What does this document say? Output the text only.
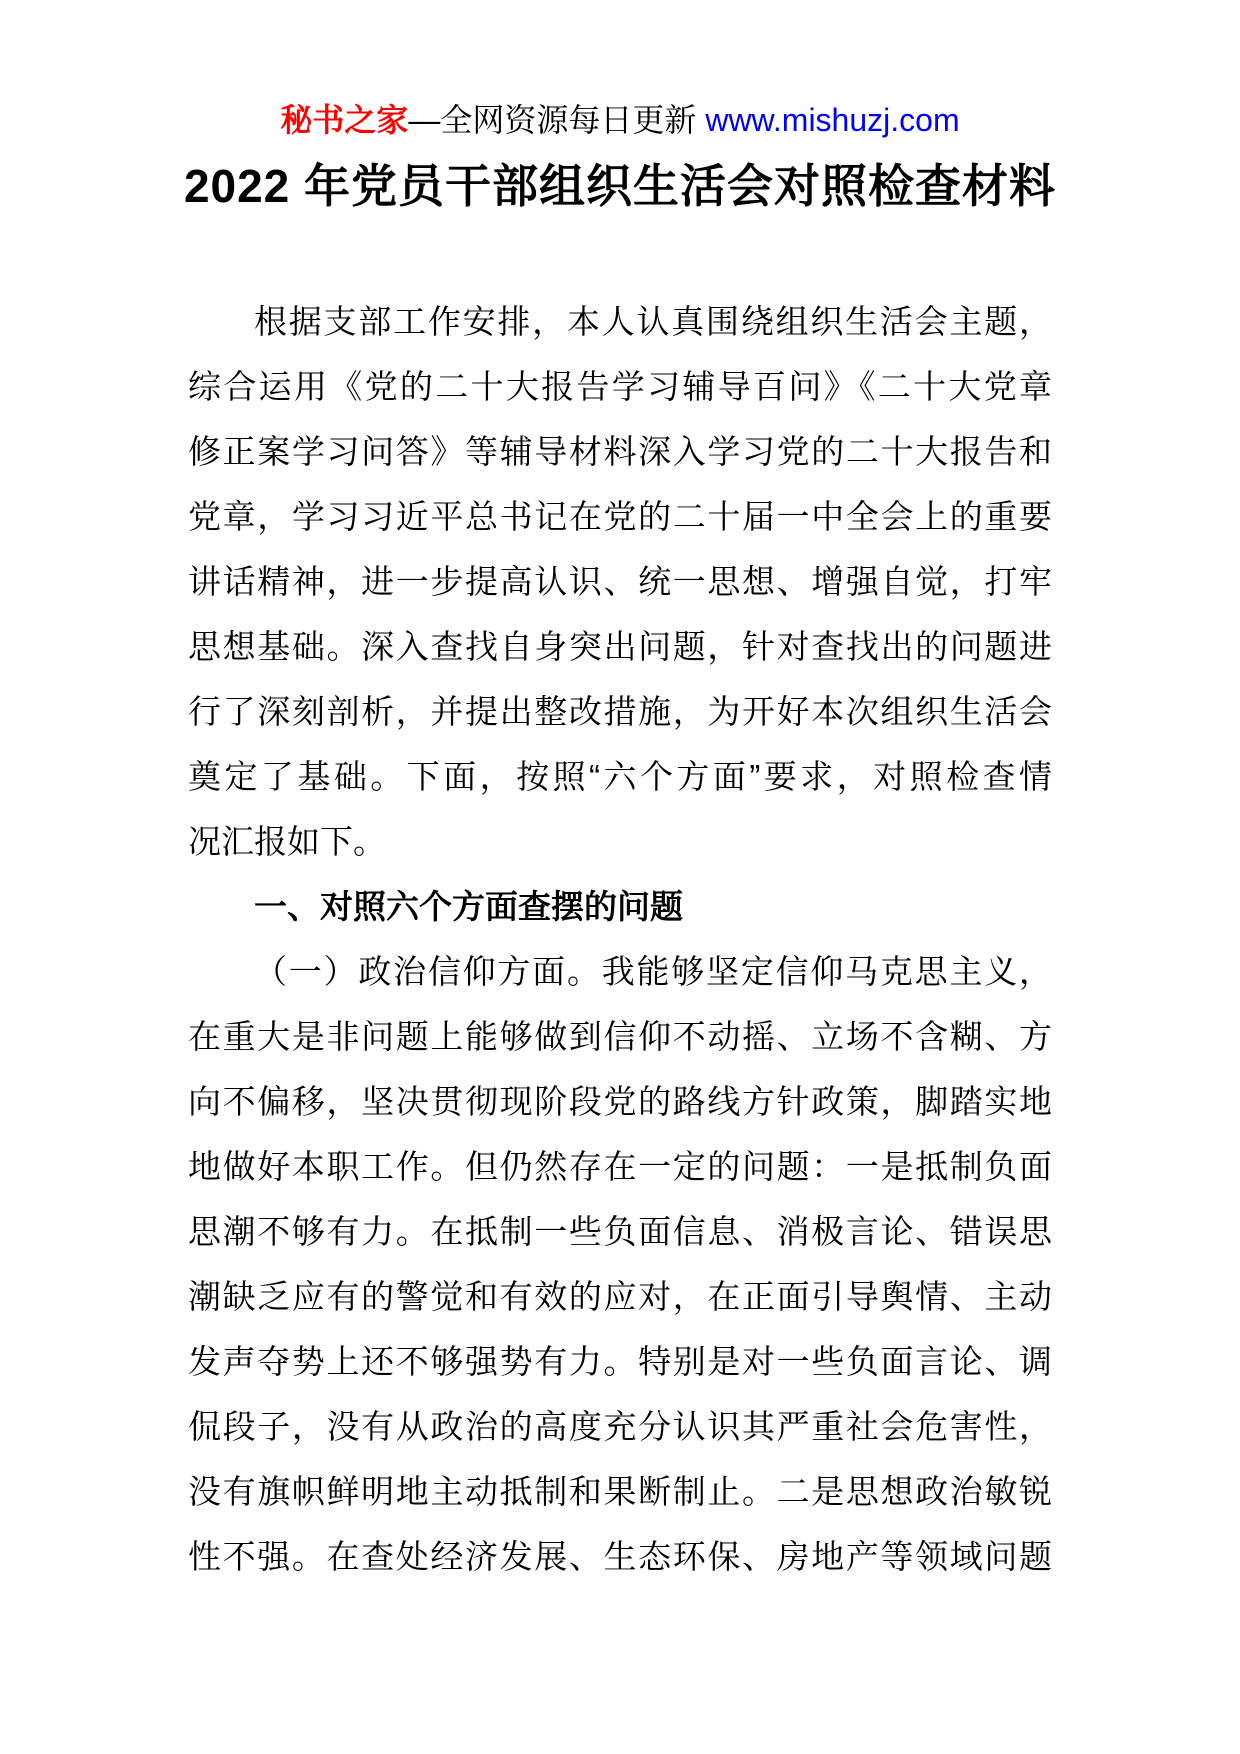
秘书之家—全网资源每日更新 www.mishuzj.com
2022 年党员干部组织生活会对照检查材料
根据支部工作安排，本人认真围绕组织生活会主题，
综合运用《党的二十大报告学习辅导百问》《二十大党章
修正案学习问答》等辅导材料深入学习党的二十大报告和
党章，学习习近平总书记在党的二十届一中全会上的重要
讲话精神，进一步提高认识、统一思想、增强自觉，打牢
思想基础。深入查找自身突出问题，针对查找出的问题进
行了深刻剖析，并提出整改措施，为开好本次组织生活会
奠定了基础。下面，按照“六个方面”要求，对照检查情
况汇报如下。
一、对照六个方面查摆的问题
（一）政治信仰方面。我能够坚定信仰马克思主义，
在重大是非问题上能够做到信仰不动摇、立场不含糊、方
向不偏移，坚决贯彻现阶段党的路线方针政策，脚踏实地
地做好本职工作。但仍然存在一定的问题：一是抵制负面
思潮不够有力。在抵制一些负面信息、消极言论、错误思
潮缺乏应有的警觉和有效的应对，在正面引导舆情、主动
发声夺势上还不够强势有力。特别是对一些负面言论、调
侃段子，没有从政治的高度充分认识其严重社会危害性，
没有旗帜鲜明地主动抵制和果断制止。二是思想政治敏锐
性不强。在查处经济发展、生态环保、房地产等领域问题
